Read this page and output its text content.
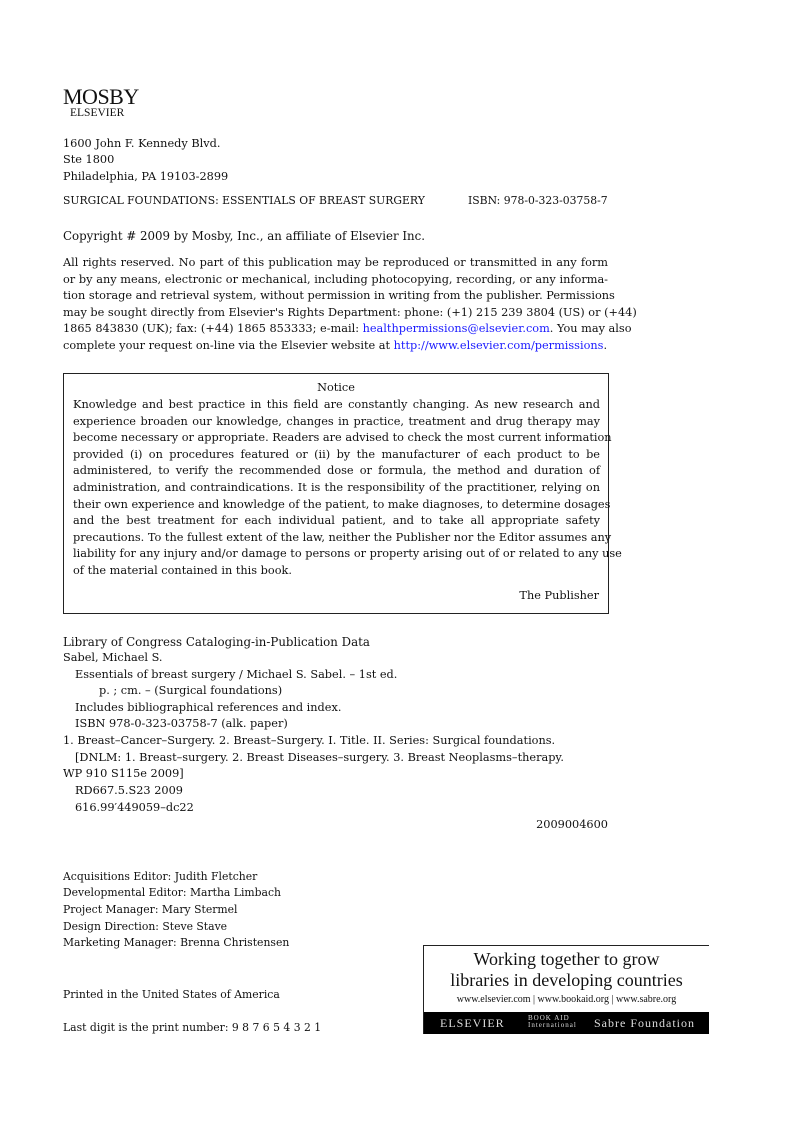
MOSBY
ELSEVIER
1600 John F. Kennedy Blvd.
Ste 1800
Philadelphia, PA 19103-2899
SURGICAL FOUNDATIONS: ESSENTIALS OF BREAST SURGERY	ISBN: 978-0-323-03758-7
Copyright # 2009 by Mosby, Inc., an affiliate of Elsevier Inc.
All rights reserved. No part of this publication may be reproduced or transmitted in any form
or by any means, electronic or mechanical, including photocopying, recording, or any informa-
tion storage and retrieval system, without permission in writing from the publisher. Permissions
may be sought directly from Elsevier's Rights Department: phone: (+1) 215 239 3804 (US) or (+44)
1865 843830 (UK); fax: (+44) 1865 853333; e-mail: healthpermissions@elsevier.com. You may also
complete your request on-line via the Elsevier website at http://www.elsevier.com/permissions.
Notice
Knowledge and best practice in this field are constantly changing. As new research and
experience broaden our knowledge, changes in practice, treatment and drug therapy may
become necessary or appropriate. Readers are advised to check the most current information
provided (i) on procedures featured or (ii) by the manufacturer of each product to be
administered, to verify the recommended dose or formula, the method and duration of
administration, and contraindications. It is the responsibility of the practitioner, relying on
their own experience and knowledge of the patient, to make diagnoses, to determine dosages
and the best treatment for each individual patient, and to take all appropriate safety
precautions. To the fullest extent of the law, neither the Publisher nor the Editor assumes any
liability for any injury and/or damage to persons or property arising out of or related to any use
of the material contained in this book.
The Publisher
Library of Congress Cataloging-in-Publication Data
Sabel, Michael S.
Essentials of breast surgery / Michael S. Sabel. – 1st ed.
p. ; cm. – (Surgical foundations)
Includes bibliographical references and index.
ISBN 978-0-323-03758-7 (alk. paper)
1. Breast–Cancer–Surgery. 2. Breast–Surgery. I. Title. II. Series: Surgical foundations.
[DNLM: 1. Breast–surgery. 2. Breast Diseases–surgery. 3. Breast Neoplasms–therapy.
WP 910 S115e 2009]
RD667.5.S23 2009
616.99′449059–dc22
2009004600
Acquisitions Editor: Judith Fletcher
Developmental Editor: Martha Limbach
Project Manager: Mary Stermel
Design Direction: Steve Stave
Marketing Manager: Brenna Christensen
Printed in the United States of America
Last digit is the print number: 9 8 7 6 5 4 3 2 1
Working together to grow
libraries in developing countries
www.elsevier.com | www.bookaid.org | www.sabre.org
ELSEVIER	BOOK AID International Sabre Foundation
